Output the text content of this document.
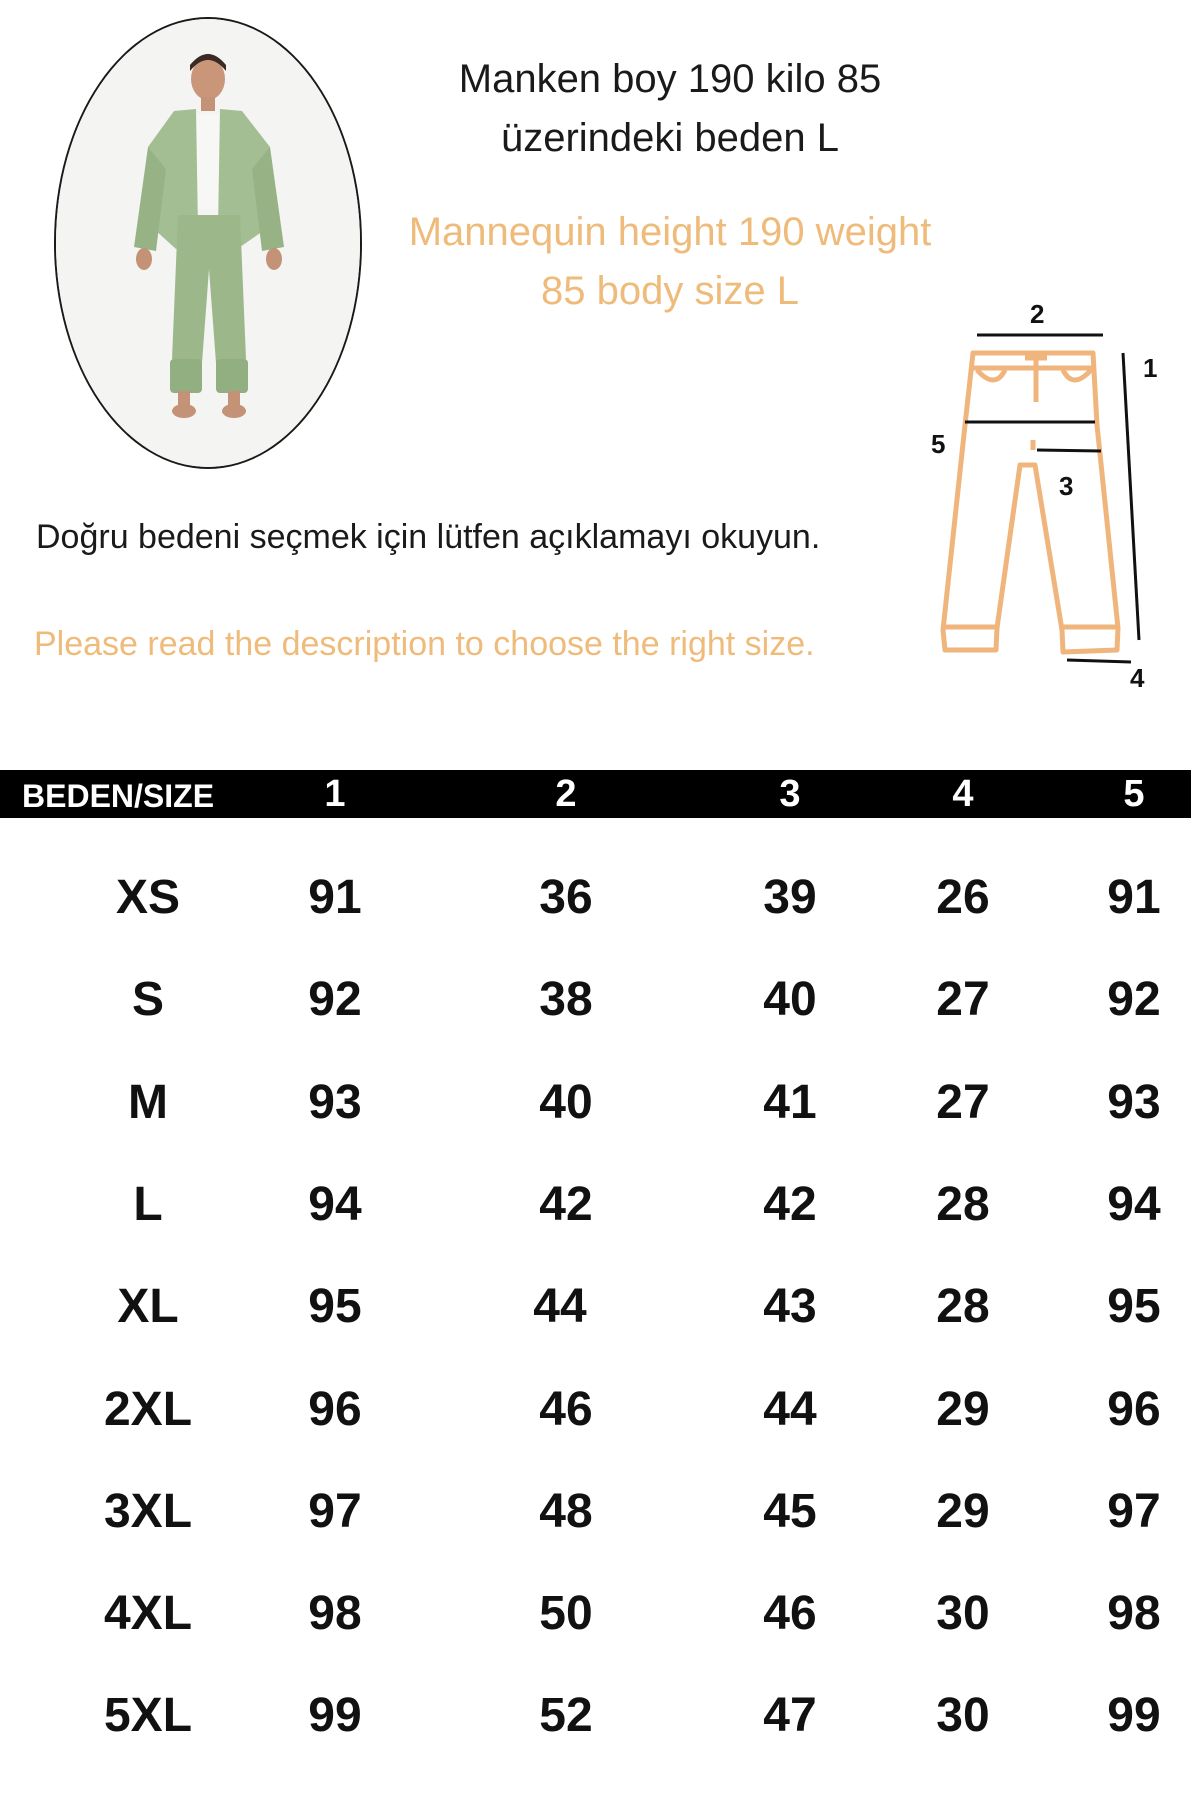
Manken boy 190 kilo 85
üzerindeki beden L
Mannequin height 190 weight
85 body size L
Doğru bedeni seçmek için lütfen açıklamayı okuyun.
Please read the description to choose the right size.
2
1
5
3
4
BEDEN/SIZE	1	2	3	4	5
XS	91	36	39 26 91
S	92	38	40 27 92
M	93	40	41 27 93
L	94	42	42 28 94
XL	95	44	43 28 95
2XL 96	46	44 29 96
3XL 97	48	45 29 97
4XL 98	50	46 30 98
5XL 99	52	47 30 99
